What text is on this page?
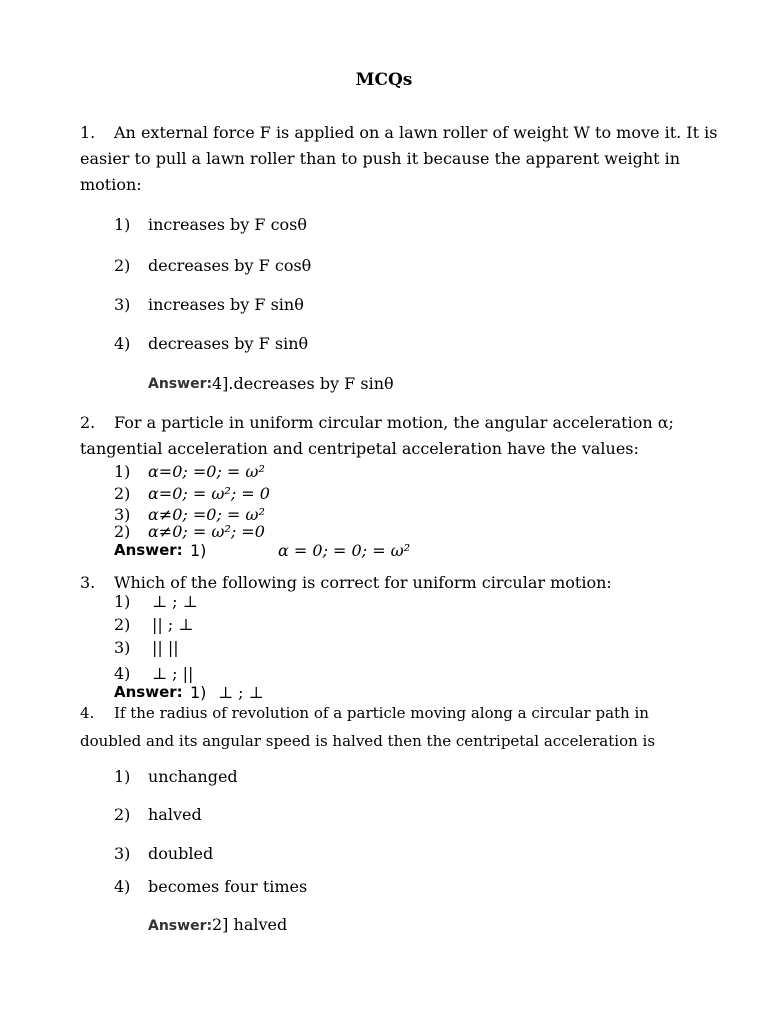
MCQs
1. An external force F is applied on a lawn roller of weight W to move it. It is
easier to pull a lawn roller than to push it because the apparent weight in
motion:
1) increases by F cosθ
2) decreases by F cosθ
3) increases by F sinθ
4) decreases by F sinθ
Answer: 4].decreases by F sinθ
2. For a particle in uniform circular motion, the angular acceleration α;
tangential acceleration and centripetal acceleration have the values:
1) α=0; =0; = ω²
2) α=0; = ω²; = 0
3) α≠0; =0; = ω²
2) α≠0; = ω²; =0
Answer: 1)	α = 0; = 0; = ω²
3. Which of the following is correct for uniform circular motion:
1) ⊥ ; ⊥
2) || ; ⊥
3) || ||
4) ⊥ ; ||
Answer: 1) ⊥ ; ⊥
4. If the radius of revolution of a particle moving along a circular path in
doubled and its angular speed is halved then the centripetal acceleration is
1) unchanged
2) halved
3) doubled
4) becomes four times
Answer: 2] halved
